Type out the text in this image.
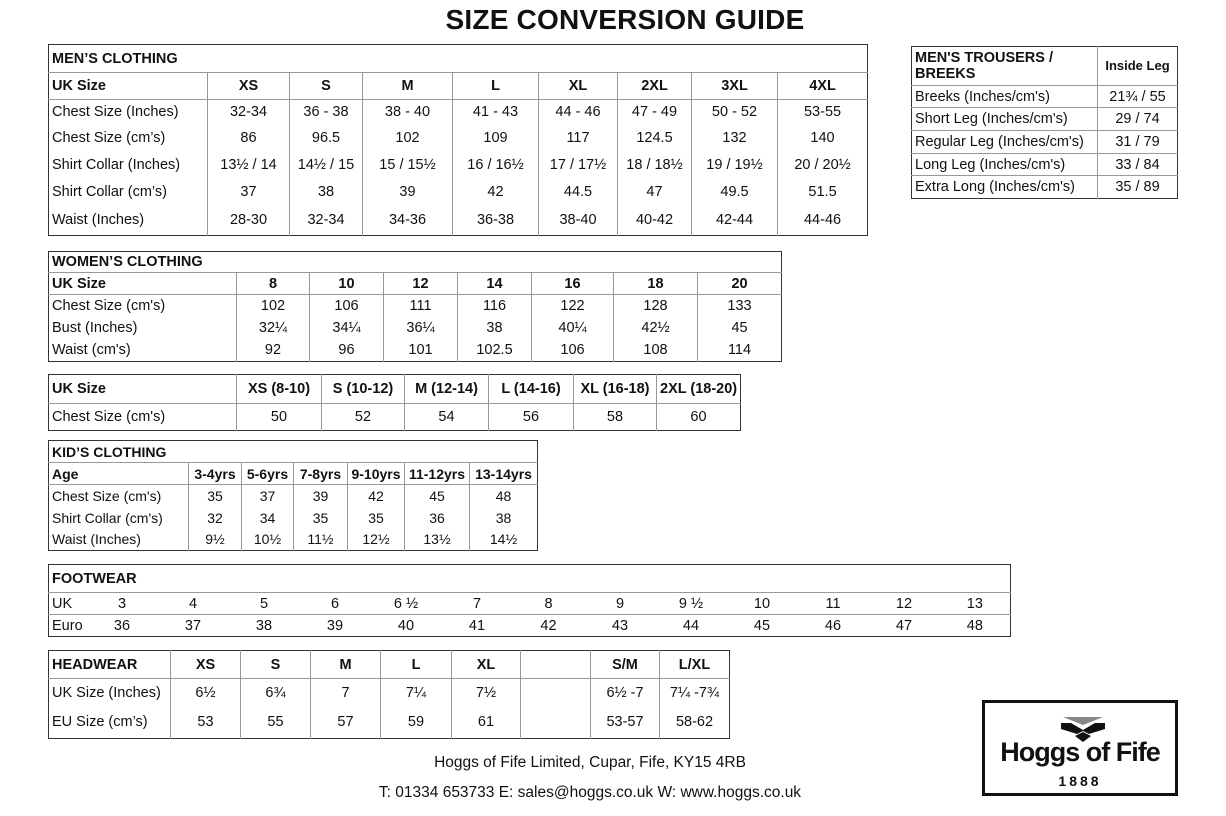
SIZE CONVERSION GUIDE
MEN’S CLOTHING								
UK Size	XS	S	M	L	XL	2XL	3XL	4XL
Chest Size (Inches)	32-34	36 - 38	38 - 40	41 - 43	44 - 46	47 - 49	50 - 52	53-55
Chest Size (cm’s)	86	96.5	102	109	117	124.5	132	140
Shirt Collar (Inches)	13½ / 14	14½ / 15	15 / 15½	16 / 16½	17 / 17½	18 / 18½	19 / 19½	20 / 20½
Shirt Collar (cm’s)	37	38	39	42	44.5	47	49.5	51.5
Waist (Inches)	28-30	32-34	34-36	36-38	38-40	40-42	42-44	44-46
MEN'S TROUSERS / BREEKS	Inside Leg
Breeks (Inches/cm's)	21¾ / 55
Short Leg (Inches/cm's)	29 / 74
Regular Leg (Inches/cm's)	31 / 79
Long Leg (Inches/cm's)	33 / 84
Extra Long (Inches/cm's)	35 / 89
WOMEN’S CLOTHING							
UK Size	8	10	12	14	16	18	20
Chest Size (cm's)	102	106	111	116	122	128	133
Bust (Inches)	32¼	34¼	36¼	38	40¼	42½	45
Waist (cm's)	92	96	101	102.5	106	108	114
UK Size	XS (8-10)	S (10-12)	M (12-14)	L (14-16)	XL (16-18)	2XL (18-20)
Chest Size (cm's)	50	52	54	56	58	60
KID’S CLOTHING						
Age	3-4yrs	5-6yrs	7-8yrs	9-10yrs	11-12yrs	13-14yrs
Chest Size (cm's)	35	37	39	42	45	48
Shirt Collar (cm's)	32	34	35	35	36	38
Waist (Inches)	9½	10½	11½	12½	13½	14½
FOOTWEAR													
UK	3	4	5	6	6 ½	7	8	9	9 ½	10	11	12	13
Euro	36	37	38	39	40	41	42	43	44	45	46	47	48
HEADWEAR	XS	S	M	L	XL		S/M	L/XL
UK Size (Inches)	6½	6¾	7	7¼	7½		6½ -7	7¼ -7¾
EU Size (cm’s)	53	55	57	59	61		53-57	58-62
Hoggs of Fife Limited, Cupar, Fife, KY15 4RB
T: 01334 653733 E: sales@hoggs.co.uk W: www.hoggs.co.uk
Hoggs of Fife
1888
